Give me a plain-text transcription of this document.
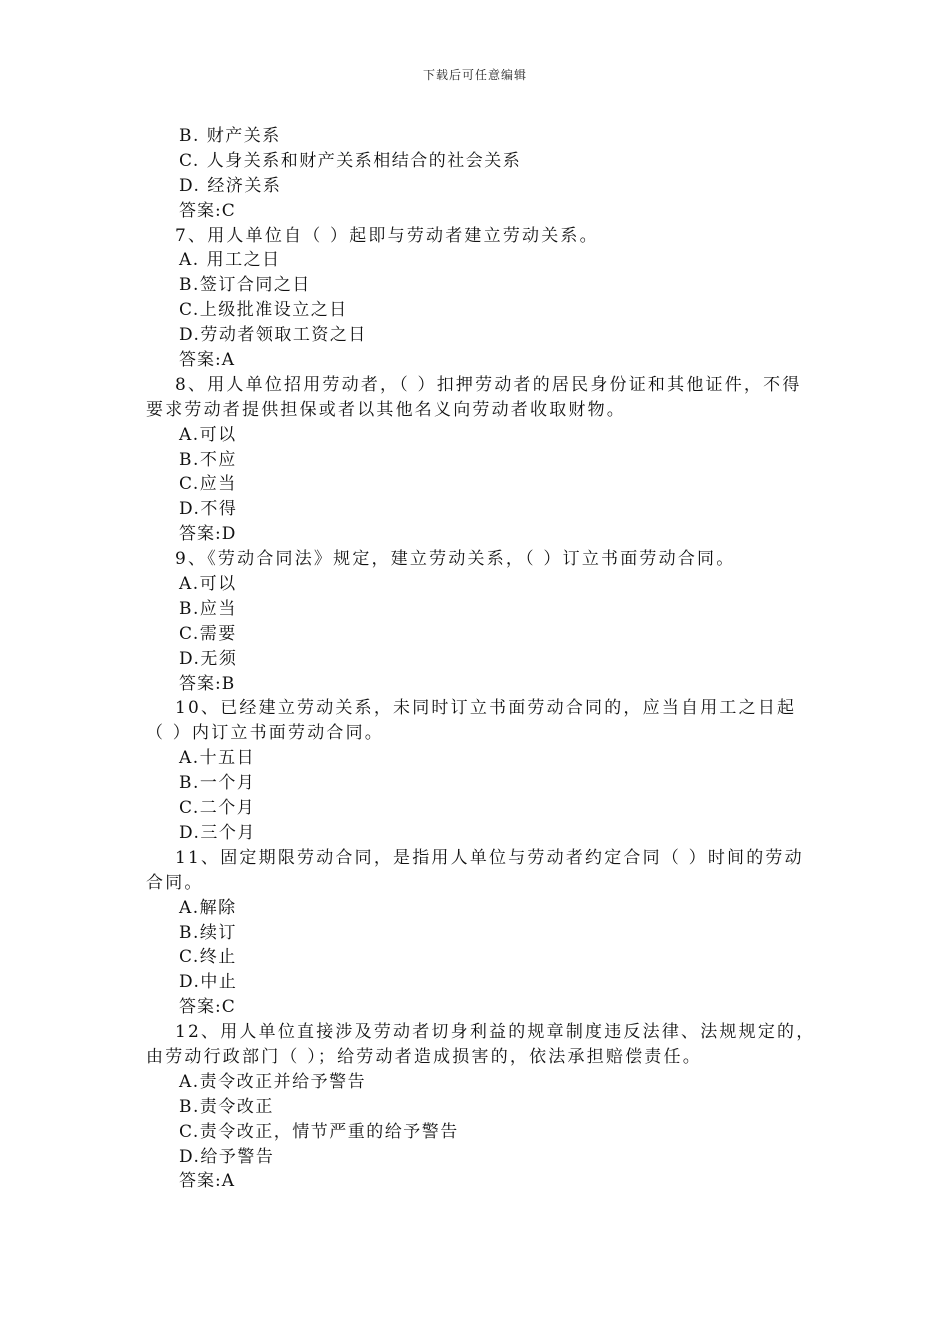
下载后可任意编辑
B. 财产关系
C. 人身关系和财产关系相结合的社会关系
D. 经济关系
答案:C
7、用人单位自（ ）起即与劳动者建立劳动关系。
A. 用工之日
B.签订合同之日
C.上级批准设立之日
D.劳动者领取工资之日
答案:A
8、用人单位招用劳动者，（ ）扣押劳动者的居民身份证和其他证件，不得
要求劳动者提供担保或者以其他名义向劳动者收取财物。
A.可以
B.不应
C.应当
D.不得
答案:D
9、《劳动合同法》规定，建立劳动关系，（ ）订立书面劳动合同。
A.可以
B.应当
C.需要
D.无须
答案:B
10、已经建立劳动关系，未同时订立书面劳动合同的，应当自用工之日起
（ ）内订立书面劳动合同。
A.十五日
B.一个月
C.二个月
D.三个月
11、固定期限劳动合同，是指用人单位与劳动者约定合同（ ）时间的劳动
合同。
A.解除
B.续订
C.终止
D.中止
答案:C
12、用人单位直接涉及劳动者切身利益的规章制度违反法律、法规规定的，
由劳动行政部门（ ）；给劳动者造成损害的，依法承担赔偿责任。
A.责令改正并给予警告
B.责令改正
C.责令改正，情节严重的给予警告
D.给予警告
答案:A
